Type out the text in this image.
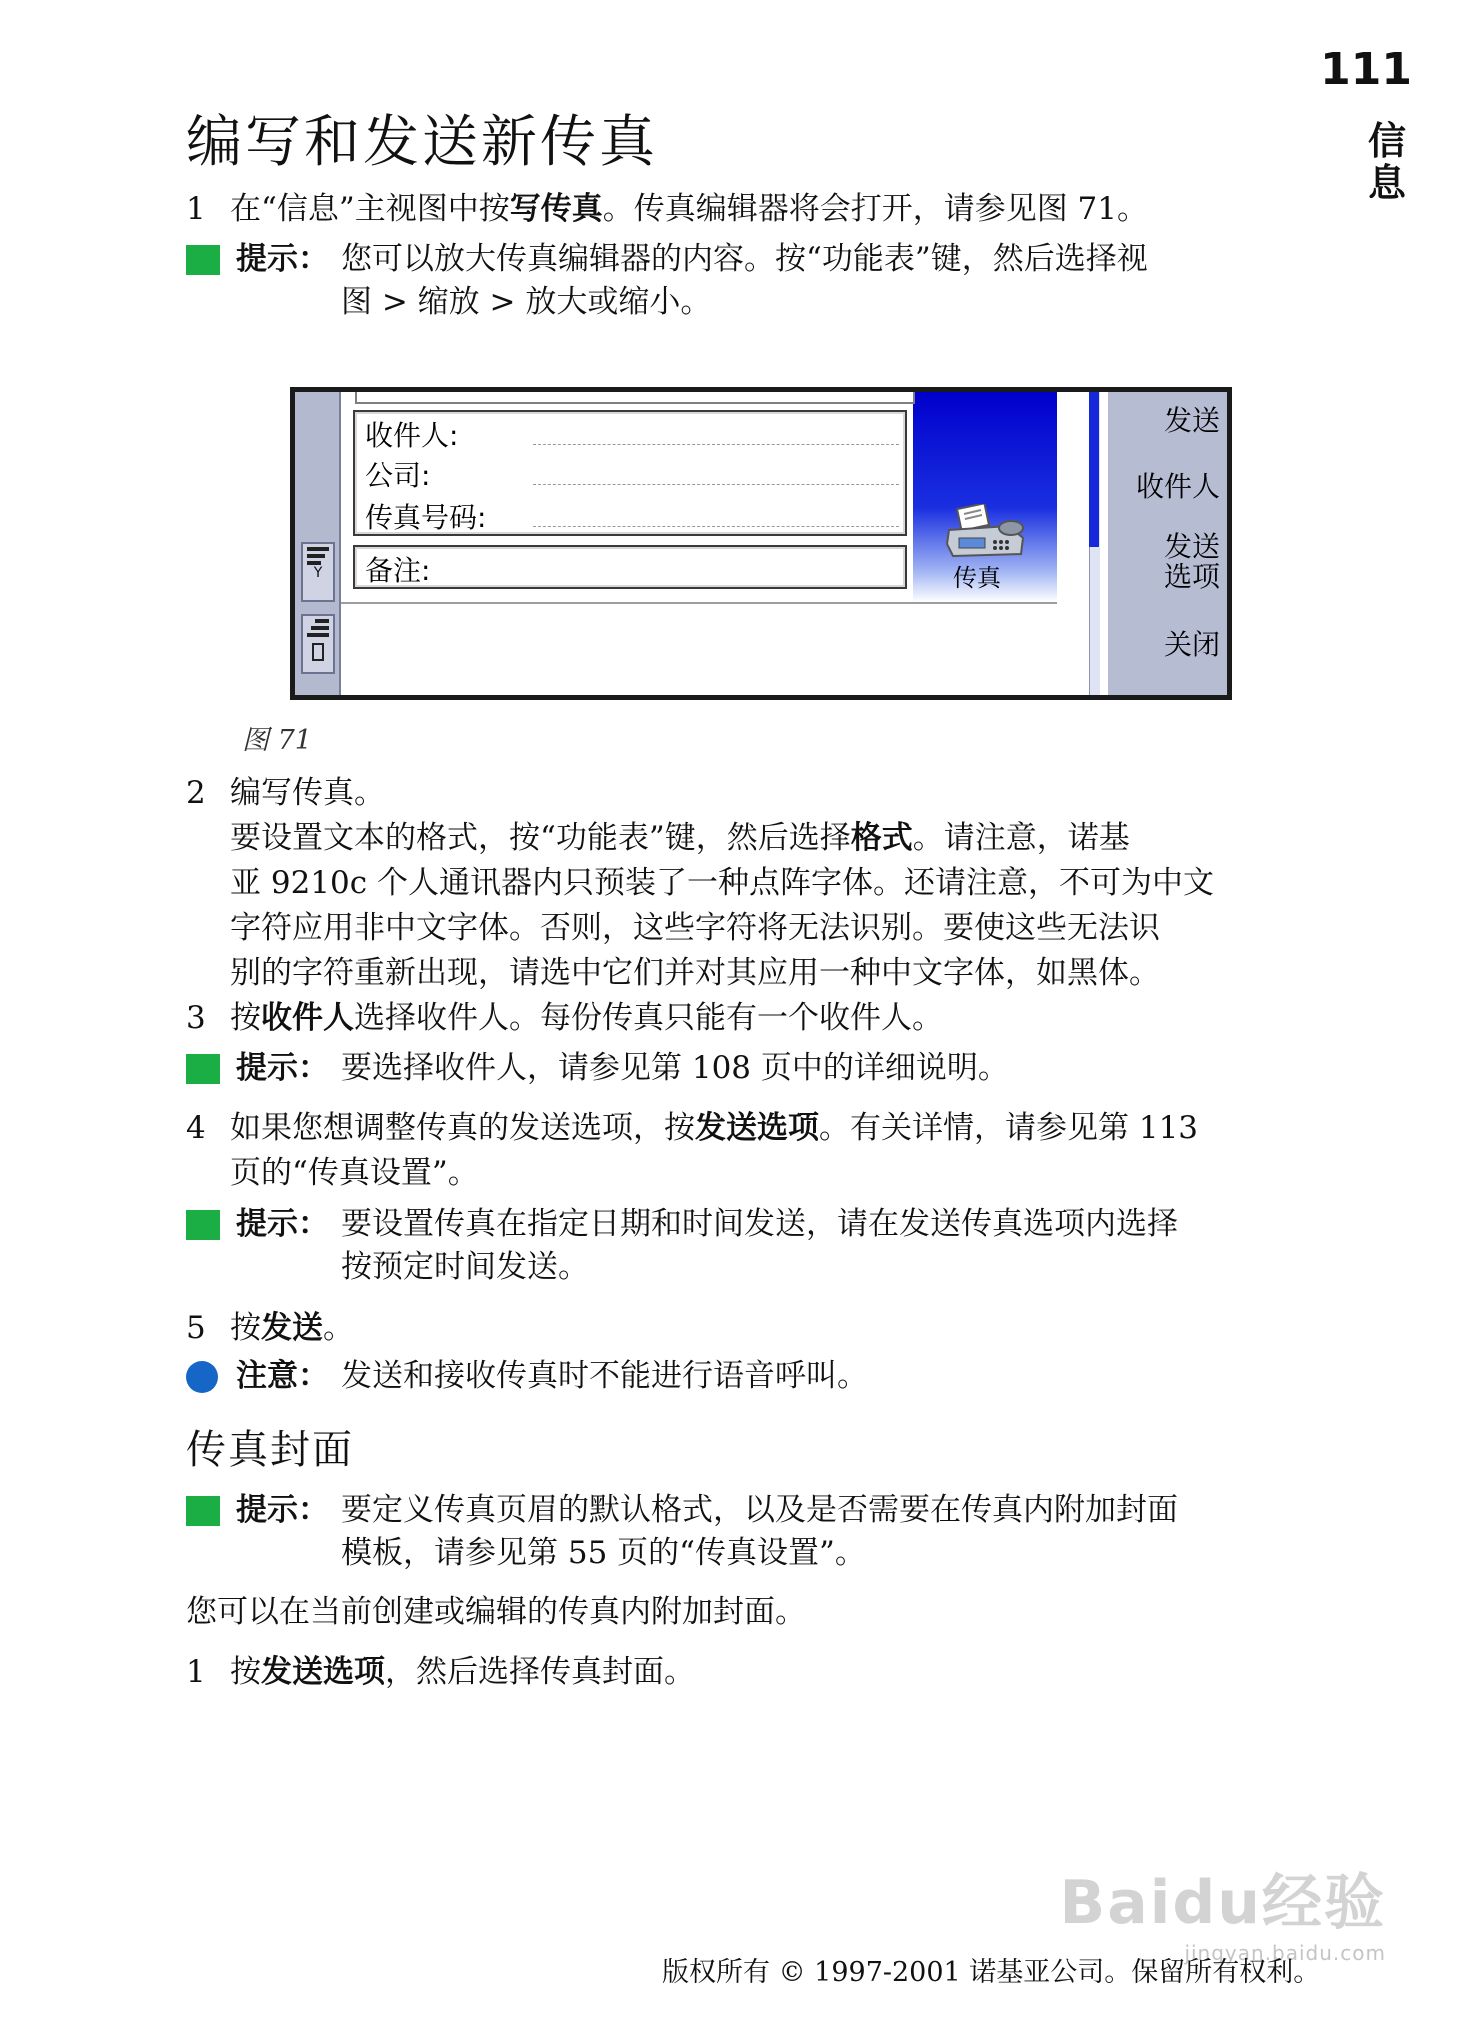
111
信
息
编写和发送新传真
1 在“信息”主视图中按写传真。传真编辑器将会打开，请参见图 71。
提示： 您可以放大传真编辑器的内容。按“功能表”键，然后选择视
图 > 缩放 > 放大或缩小。
Y
收件人:
公司:
传真号码:
备注:	传真
发送
收件人
发送
选项
关闭
图 71
2 编写传真。
要设置文本的格式，按“功能表”键，然后选择格式。请注意，诺基
亚 9210c 个人通讯器内只预装了一种点阵字体。还请注意，不可为中文
字符应用非中文字体。否则，这些字符将无法识别。要使这些无法识
别的字符重新出现，请选中它们并对其应用一种中文字体，如黑体。
3 按收件人选择收件人。每份传真只能有一个收件人。
提示： 要选择收件人，请参见第 108 页中的详细说明。
4 如果您想调整传真的发送选项，按发送选项。有关详情，请参见第 113
页的“传真设置”。
提示： 要设置传真在指定日期和时间发送，请在发送传真选项内选择
按预定时间发送。
5 按发送。
注意： 发送和接收传真时不能进行语音呼叫。
传真封面
提示： 要定义传真页眉的默认格式，以及是否需要在传真内附加封面
模板，请参见第 55 页的“传真设置”。
您可以在当前创建或编辑的传真内附加封面。
1 按发送选项，然后选择传真封面。
Baidu经验
jingyan.baidu.com
版权所有 © 1997-2001 诺基亚公司。保留所有权利。
